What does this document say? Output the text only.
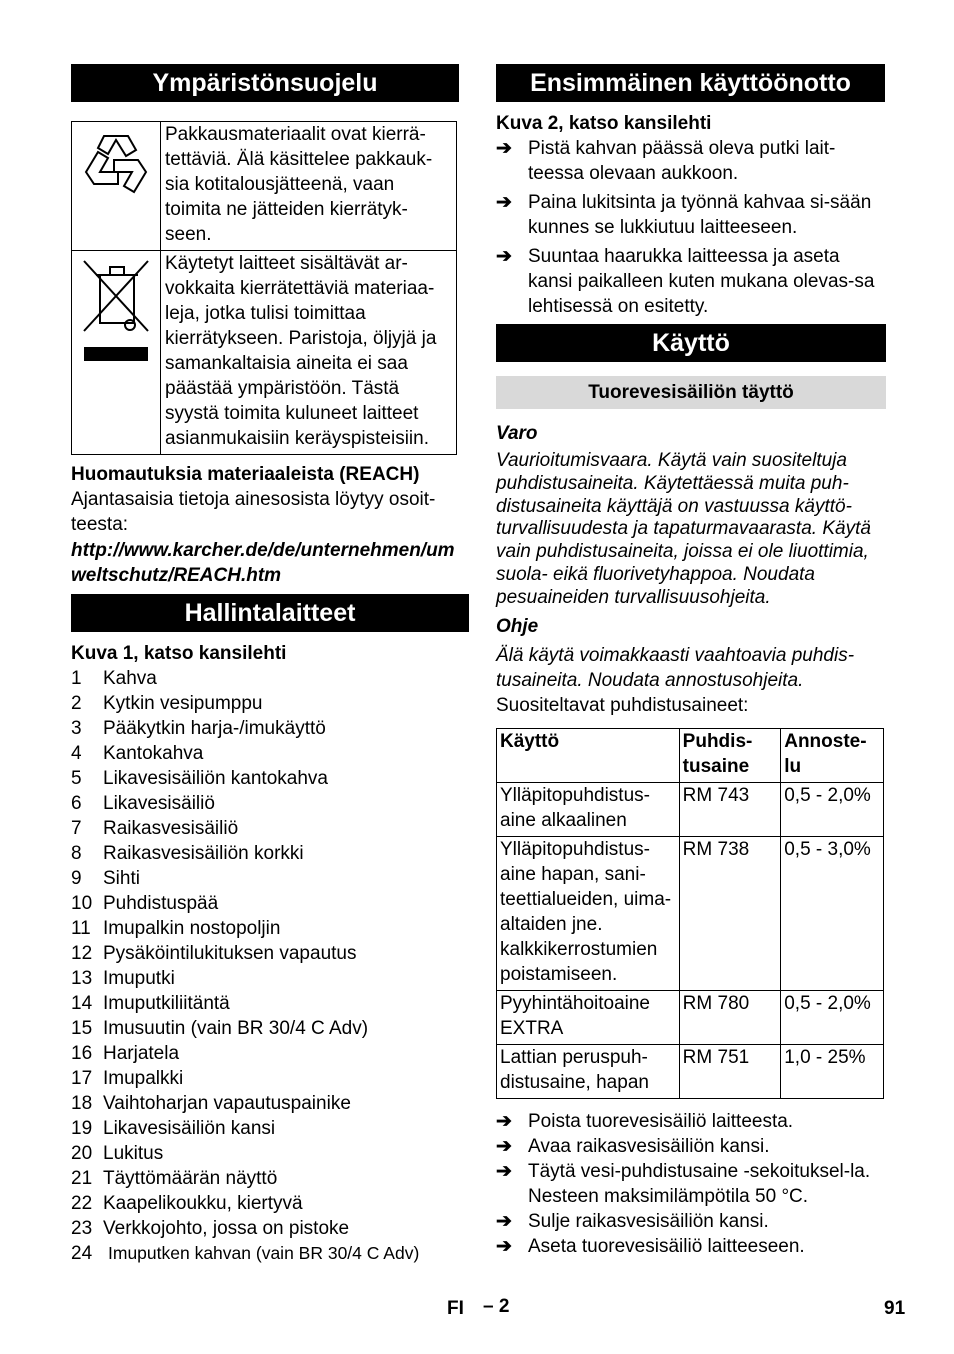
Ympäristönsuojelu
	Pakkausmateriaalit ovat kierrä-tettäviä. Älä käsittelee pakkauk-sia kotitalousjätteenä, vaan toimita ne jätteiden kierrätyk-seen.
	Käytetyt laitteet sisältävät ar-vokkaita kierrätettäviä materiaa-leja, jotka tulisi toimittaa kierrätykseen. Paristoja, öljyjä ja samankaltaisia aineita ei saa päästää ympäristöön. Tästä syystä toimita kuluneet laitteet asianmukaisiin keräyspisteisiin.
Huomautuksia materiaaleista (REACH)
Ajantasaisia tietoja ainesosista löytyy osoit-teesta:
http://www.karcher.de/de/unternehmen/umweltschutz/REACH.htm
Hallintalaitteet
Kuva 1, katso kansilehti
1	Kahva
2	Kytkin vesipumppu
3	Pääkytkin harja-/imukäyttö
4	Kantokahva
5	Likavesisäiliön kantokahva
6	Likavesisäiliö
7	Raikasvesisäiliö
8	Raikasvesisäiliön korkki
9	Sihti
10 Puhdistuspää
11 Imupalkin nostopoljin
12 Pysäköintilukituksen vapautus
13 Imuputki
14 Imuputkiliitäntä
15 Imusuutin (vain BR 30/4 C Adv)
16 Harjatela
17 Imupalkki
18 Vaihtoharjan vapautuspainike
19 Likavesisäiliön kansi
20 Lukitus
21 Täyttömäärän näyttö
22 Kaapelikoukku, kiertyvä
23 Verkkojohto, jossa on pistoke
24 Imuputken kahvan (vain BR 30/4 C Adv)
Ensimmäinen käyttöönotto
Kuva 2, katso kansilehti
➔ Pistä kahvan päässä oleva putki lait-teessa olevaan aukkoon.
➔ Paina lukitsinta ja työnnä kahvaa si-sään kunnes se lukkiutuu laitteeseen.
➔ Suuntaa haarukka laitteessa ja aseta kansi paikalleen kuten mukana olevas-sa lehtisessä on esitetty.
Käyttö
Tuorevesisäiliön täyttö
Varo
Vaurioitumisvaara. Käytä vain suositeltuja puhdistusaineita. Käytettäessä muita puh-distusaineita käyttäjä on vastuussa käyttö-turvallisuudesta ja tapaturmavaarasta. Käytä vain puhdistusaineita, joissa ei ole liuottimia, suola- eikä fluorivetyhappoa. Noudata pesuaineiden turvallisuusohjeita.
Ohje
Älä käytä voimakkaasti vaahtoavia puhdis-tusaineita. Noudata annostusohjeita.
Suositeltavat puhdistusaineet:
Käyttö	Puhdis-tusaine	Annoste-lu
Ylläpitopuhdistus-aine alkaalinen	RM 743	0,5 - 2,0%
Ylläpitopuhdistus-aine hapan, sani-teettialueiden, uima-altaiden jne. kalkkikerrostumien poistamiseen.	RM 738	0,5 - 3,0%
Pyyhintähoitoaine EXTRA	RM 780	0,5 - 2,0%
Lattian peruspuh-distusaine, hapan	RM 751	1,0 - 25%
➔ Poista tuorevesisäiliö laitteesta.
➔ Avaa raikasvesisäiliön kansi.
➔ Täytä vesi-puhdistusaine -sekoituksel-la. Nesteen maksimilämpötila 50 °C.
➔ Sulje raikasvesisäiliön kansi.
➔ Aseta tuorevesisäiliö laitteeseen.
FI – 2	91
